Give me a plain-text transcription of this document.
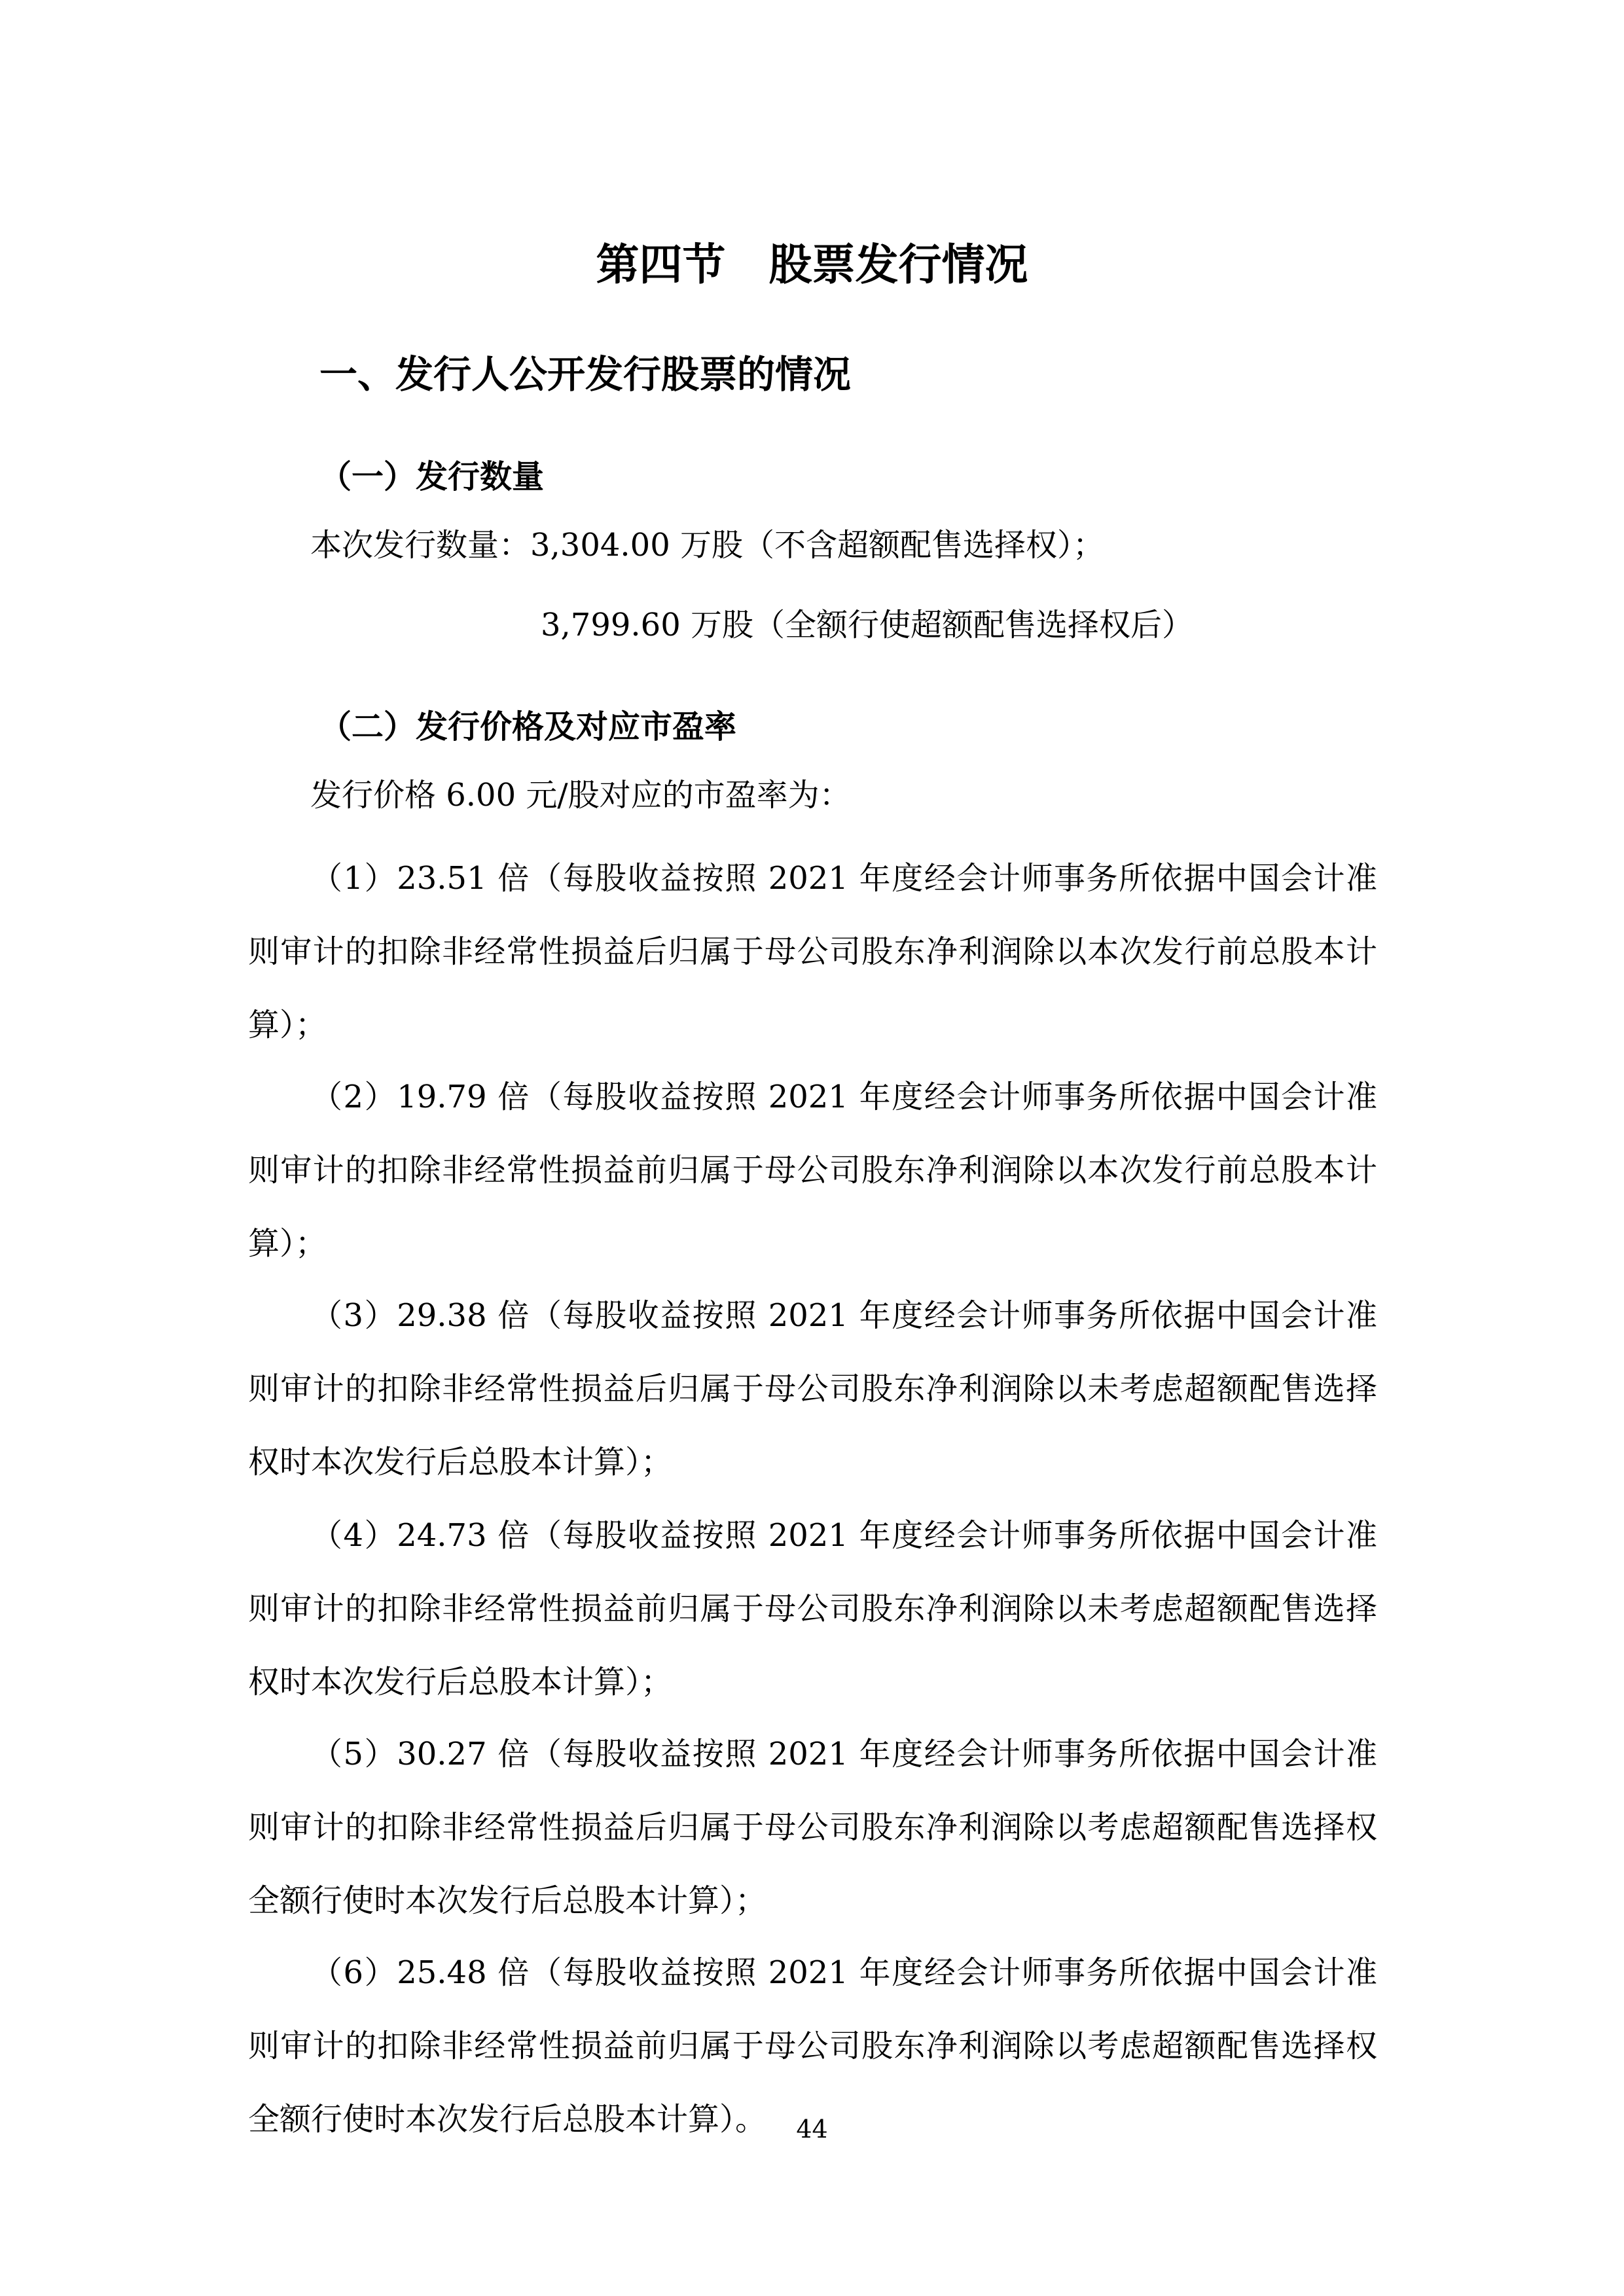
第四节　股票发行情况
一、发行人公开发行股票的情况
（一）发行数量

本次发行数量：3,304.00 万股（不含超额配售选择权）；

3,799.60 万股（全额行使超额配售选择权后）

（二）发行价格及对应市盈率

发行价格 6.00 元/股对应的市盈率为：

（1）23.51 倍（每股收益按照 2021 年度经会计师事务所依据中国会计准则审计的扣除非经常性损益后归属于母公司股东净利润除以本次发行前总股本计算）；

（2）19.79 倍（每股收益按照 2021 年度经会计师事务所依据中国会计准则审计的扣除非经常性损益前归属于母公司股东净利润除以本次发行前总股本计算）；

（3）29.38 倍（每股收益按照 2021 年度经会计师事务所依据中国会计准则审计的扣除非经常性损益后归属于母公司股东净利润除以未考虑超额配售选择权时本次发行后总股本计算）；

（4）24.73 倍（每股收益按照 2021 年度经会计师事务所依据中国会计准则审计的扣除非经常性损益前归属于母公司股东净利润除以未考虑超额配售选择权时本次发行后总股本计算）；

（5）30.27 倍（每股收益按照 2021 年度经会计师事务所依据中国会计准则审计的扣除非经常性损益后归属于母公司股东净利润除以考虑超额配售选择权全额行使时本次发行后总股本计算）；

（6）25.48 倍（每股收益按照 2021 年度经会计师事务所依据中国会计准则审计的扣除非经常性损益前归属于母公司股东净利润除以考虑超额配售选择权全额行使时本次发行后总股本计算）。	44
